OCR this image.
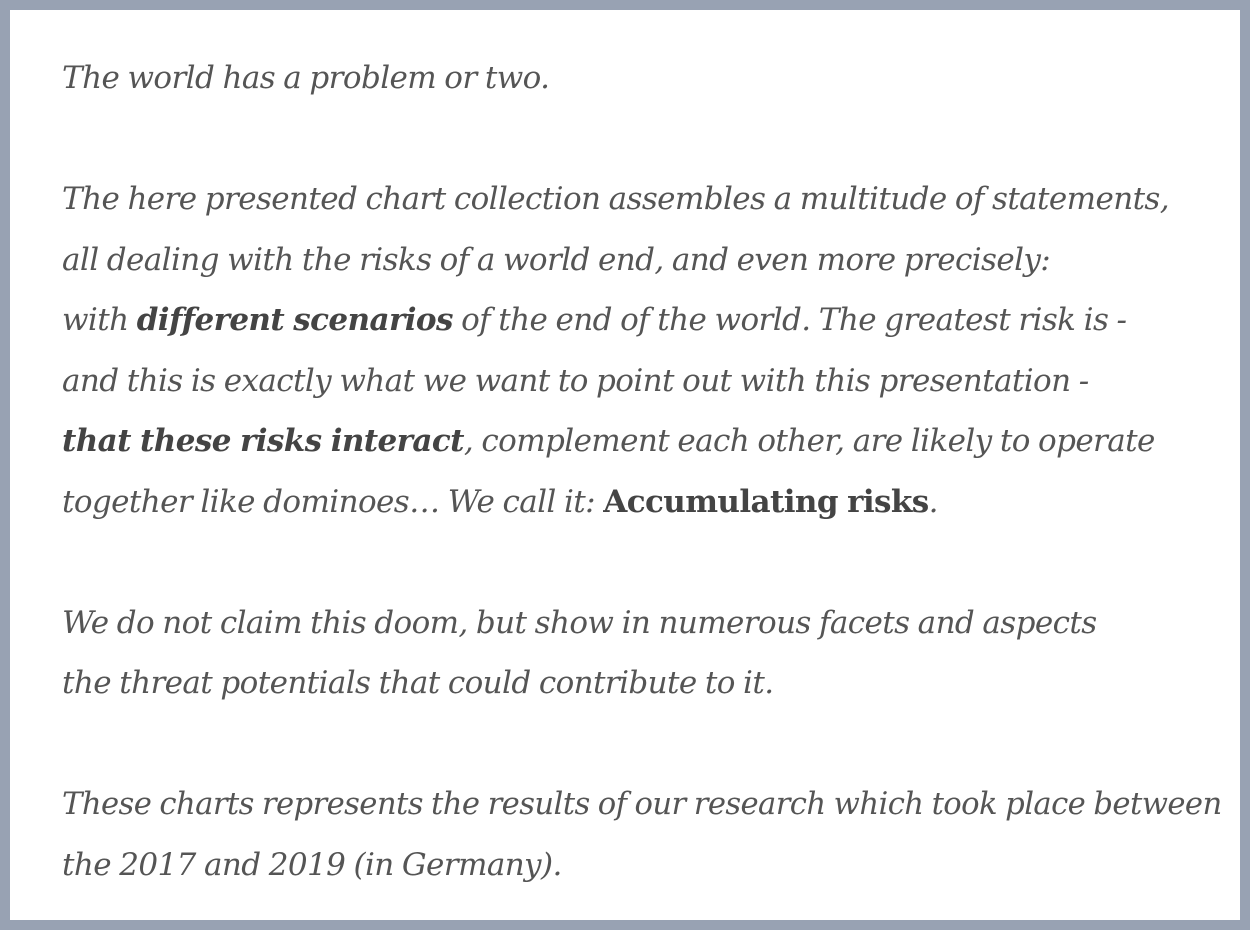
The world has a problem or two.

The here presented chart collection assembles a multitude of statements,
all dealing with the risks of a world end, and even more precisely:
with different scenarios of the end of the world. The greatest risk is -
and this is exactly what we want to point out with this presentation -
that these risks interact, complement each other, are likely to operate
together like dominoes… We call it: Accumulating risks.

We do not claim this doom, but show in numerous facets and aspects
the threat potentials that could contribute to it.

These charts represents the results of our research which took place between
the 2017 and 2019 (in Germany).
